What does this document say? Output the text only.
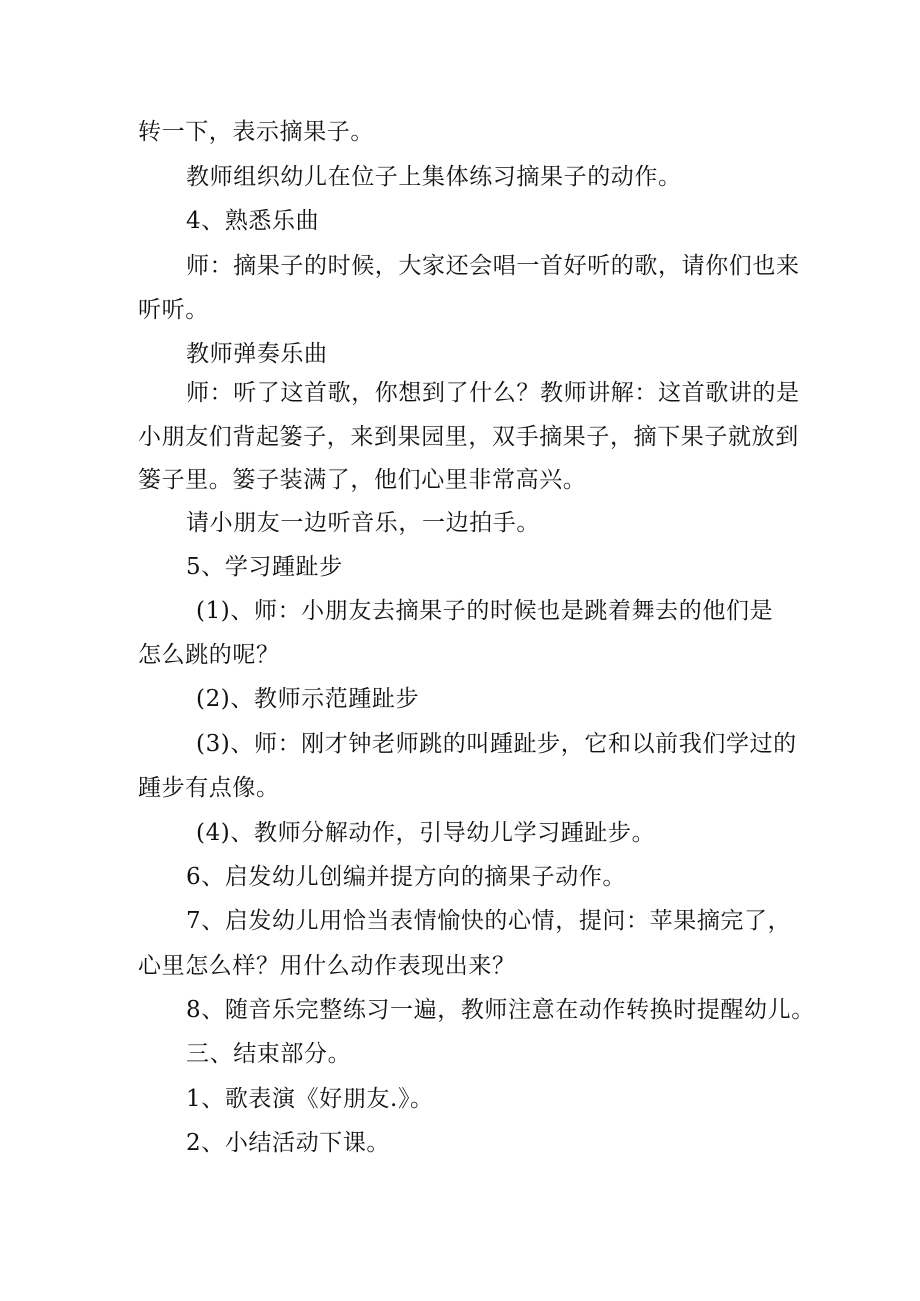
转一下，表示摘果子。
教师组织幼儿在位子上集体练习摘果子的动作。
4、熟悉乐曲
师：摘果子的时候，大家还会唱一首好听的歌，请你们也来
听听。
教师弹奏乐曲
师：听了这首歌，你想到了什么？教师讲解：这首歌讲的是
小朋友们背起篓子，来到果园里，双手摘果子，摘下果子就放到
篓子里。篓子装满了，他们心里非常高兴。
请小朋友一边听音乐，一边拍手。
5、学习踵趾步
(1)、师：小朋友去摘果子的时候也是跳着舞去的他们是
怎么跳的呢？
(2)、教师示范踵趾步
(3)、师：刚才钟老师跳的叫踵趾步，它和以前我们学过的
踵步有点像。
(4)、教师分解动作，引导幼儿学习踵趾步。
6、启发幼儿创编并提方向的摘果子动作。
7、启发幼儿用恰当表情愉快的心情，提问：苹果摘完了，
心里怎么样？用什么动作表现出来？
8、随音乐完整练习一遍，教师注意在动作转换时提醒幼儿。
三、结束部分。
1、歌表演《好朋友.》。
2、小结活动下课。
